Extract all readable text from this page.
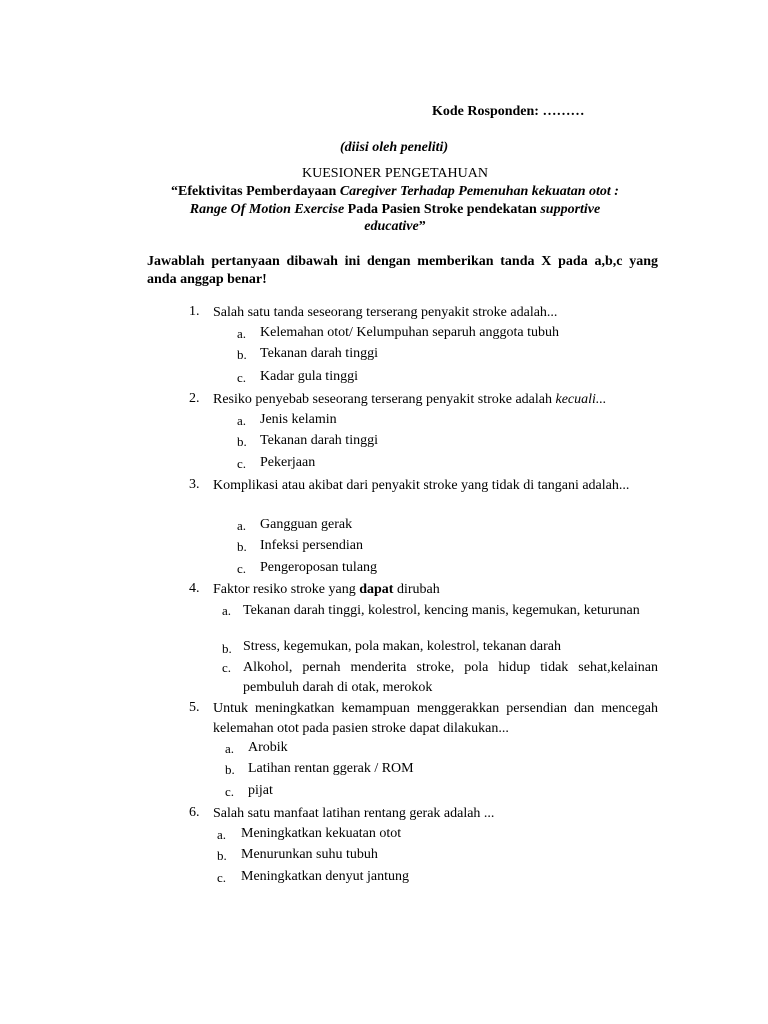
Kode Rosponden: ………
(diisi oleh peneliti)
KUESIONER PENGETAHUAN
“Efektivitas Pemberdayaan Caregiver Terhadap Pemenuhan kekuatan otot :
Range Of Motion Exercise Pada Pasien Stroke pendekatan supportive
educative”
Jawablah pertanyaan dibawah ini dengan memberikan tanda X pada a,b,c yang anda anggap benar!
1. Salah satu tanda seseorang terserang penyakit stroke adalah...
a. Kelemahan otot/ Kelumpuhan separuh anggota tubuh
b. Tekanan darah tinggi
c. Kadar gula tinggi
2. Resiko penyebab seseorang terserang penyakit stroke adalah kecuali...
a. Jenis kelamin
b. Tekanan darah tinggi
c. Pekerjaan
3. Komplikasi atau akibat dari penyakit stroke yang tidak di tangani adalah...
a. Gangguan gerak
b. Infeksi persendian
c. Pengeroposan tulang
4. Faktor resiko stroke yang dapat dirubah
a. Tekanan darah tinggi, kolestrol, kencing manis, kegemukan, keturunan
b. Stress, kegemukan, pola makan, kolestrol, tekanan darah
c. Alkohol, pernah menderita stroke, pola hidup tidak sehat,kelainan pembuluh darah di otak, merokok
5. Untuk meningkatkan kemampuan menggerakkan persendian dan mencegah kelemahan otot pada pasien stroke dapat dilakukan...
a. Arobik
b. Latihan rentan ggerak / ROM
c. pijat
6. Salah satu manfaat latihan rentang gerak adalah ...
a. Meningkatkan kekuatan otot
b. Menurunkan suhu tubuh
c. Meningkatkan denyut jantung
